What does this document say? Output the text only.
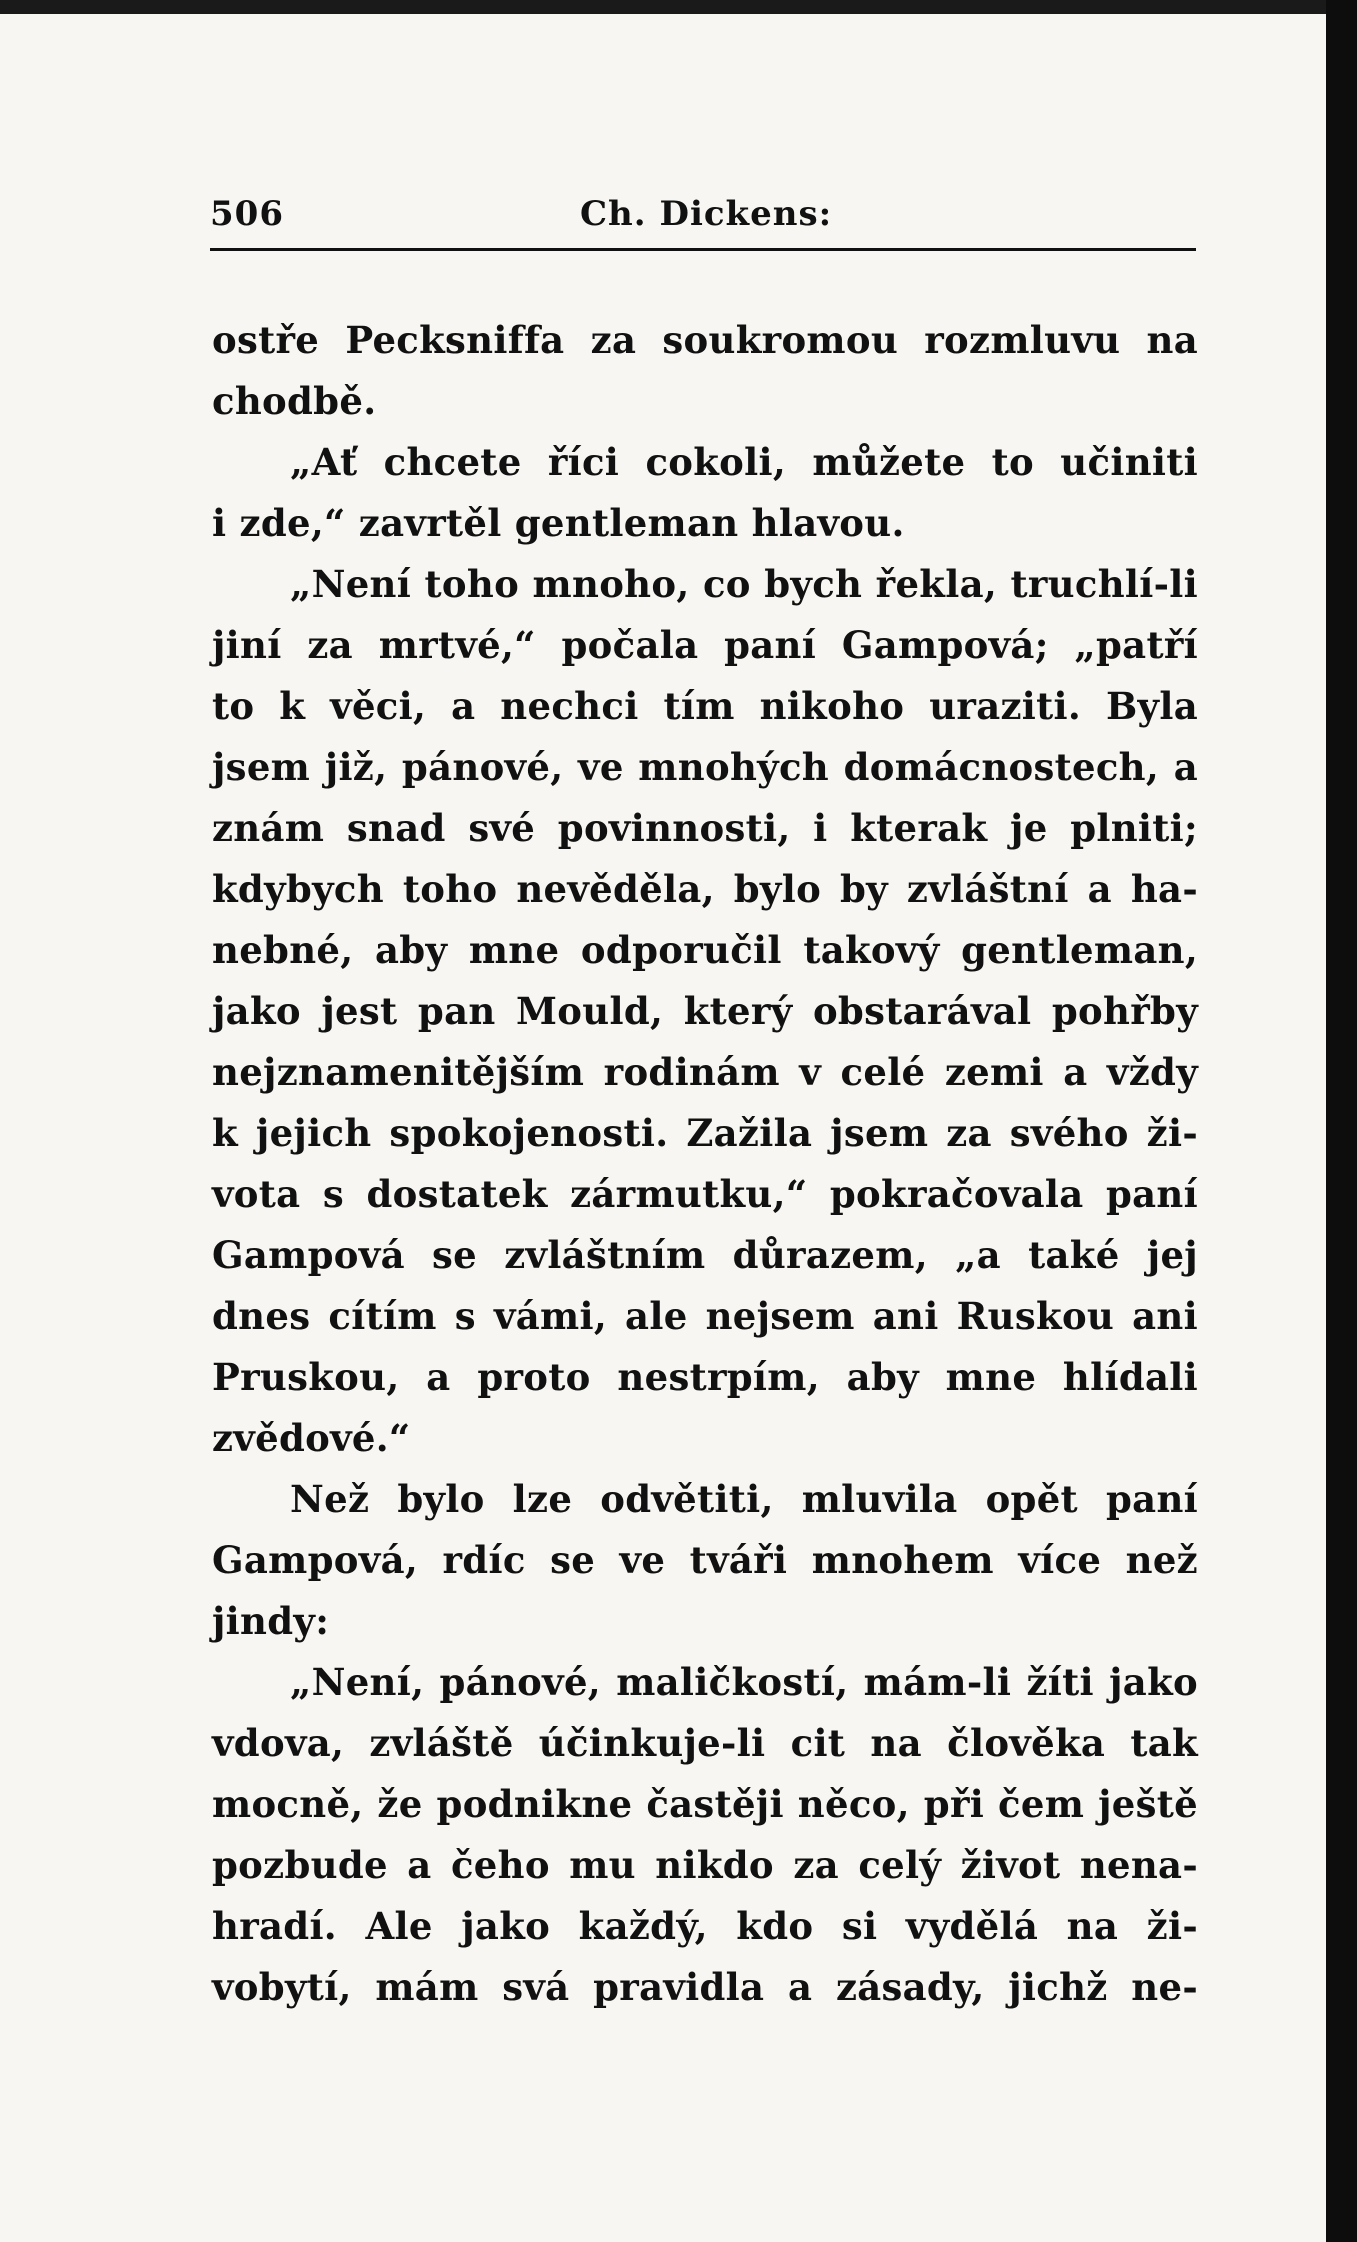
506	Ch. Dickens:
ostře Pecksniffa za soukromou rozmluvu na
chodbě.
„Ať chcete říci cokoli, můžete to učiniti
i zde,“ zavrtěl gentleman hlavou.
„Není toho mnoho, co bych řekla, truchlí-li
jiní za mrtvé,“ počala paní Gampová; „patří
to k věci, a nechci tím nikoho uraziti. Byla
jsem již, pánové, ve mnohých domácnostech, a
znám snad své povinnosti, i kterak je plniti;
kdybych toho nevěděla, bylo by zvláštní a ha-
nebné, aby mne odporučil takový gentleman,
jako jest pan Mould, který obstarával pohřby
nejznamenitějším rodinám v celé zemi a vždy
k jejich spokojenosti. Zažila jsem za svého ži-
vota s dostatek zármutku,“ pokračovala paní
Gampová se zvláštním důrazem, „a také jej
dnes cítím s vámi, ale nejsem ani Ruskou ani
Pruskou, a proto nestrpím, aby mne hlídali
zvědové.“
Než bylo lze odvětiti, mluvila opět paní
Gampová, rdíc se ve tváři mnohem více než
jindy:
„Není, pánové, maličkostí, mám-li žíti jako
vdova, zvláště účinkuje-li cit na člověka tak
mocně, že podnikne častěji něco, při čem ještě
pozbude a čeho mu nikdo za celý život nena-
hradí. Ale jako každý, kdo si vydělá na ži-
vobytí, mám svá pravidla a zásady, jichž ne-
